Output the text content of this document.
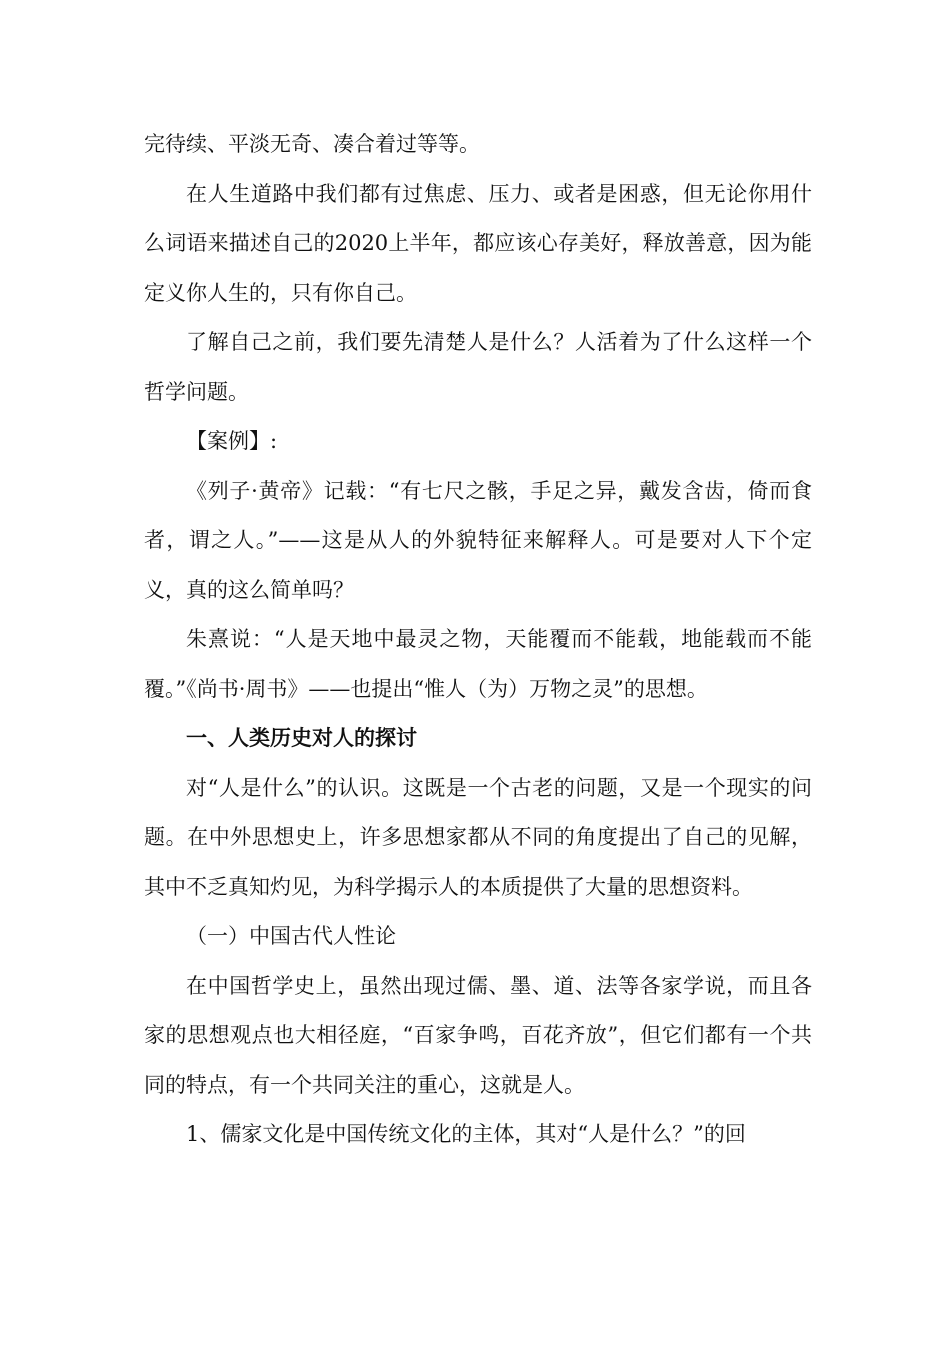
完待续、平淡无奇、凑合着过等等。

在人生道路中我们都有过焦虑、压力、或者是困惑，但无论你用什么词语来描述自己的2020上半年，都应该心存美好，释放善意，因为能定义你人生的，只有你自己。

了解自己之前，我们要先清楚人是什么？人活着为了什么这样一个哲学问题。

【案例】:

《列子·黄帝》记载：“有七尺之骸，手足之异，戴发含齿，倚而食者，谓之人。”——这是从人的外貌特征来解释人。可是要对人下个定义，真的这么简单吗？

朱熹说：“人是天地中最灵之物，天能覆而不能载，地能载而不能覆。”《尚书·周书》——也提出“惟人（为）万物之灵”的思想。

一、人类历史对人的探讨

对“人是什么”的认识。这既是一个古老的问题，又是一个现实的问题。在中外思想史上，许多思想家都从不同的角度提出了自己的见解，其中不乏真知灼见，为科学揭示人的本质提供了大量的思想资料。

（一）中国古代人性论

在中国哲学史上，虽然出现过儒、墨、道、法等各家学说，而且各家的思想观点也大相径庭，“百家争鸣，百花齐放”，但它们都有一个共同的特点，有一个共同关注的重心，这就是人。

1、儒家文化是中国传统文化的主体，其对“人是什么？”的回
